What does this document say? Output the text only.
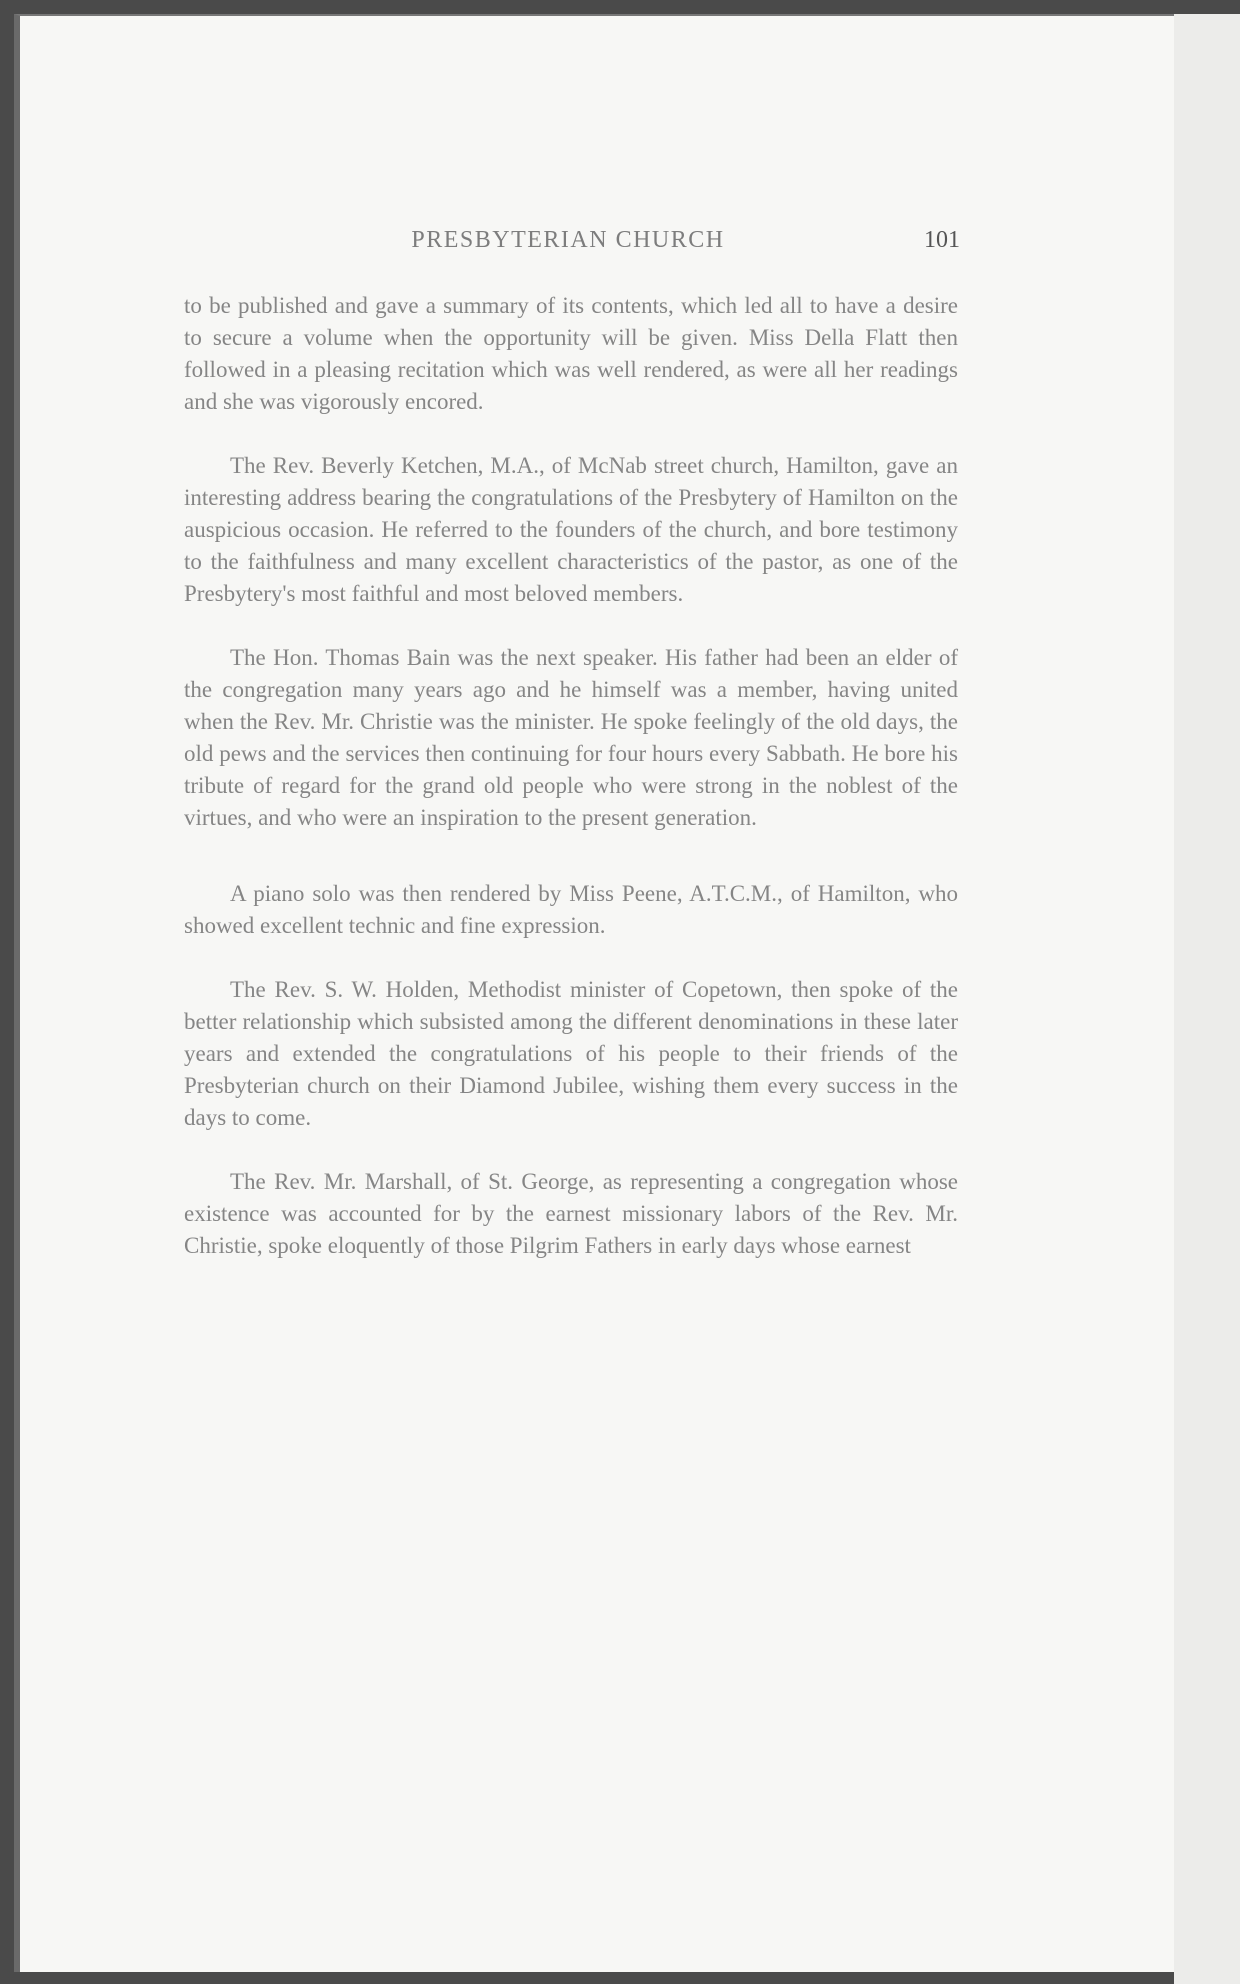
PRESBYTERIAN CHURCH	101

to be published and gave a summary of its contents, which led all to have a desire to secure a volume when the opportunity will be given. Miss Della Flatt then followed in a pleasing recitation which was well rendered, as were all her readings and she was vigorously encored.

The Rev. Beverly Ketchen, M.A., of McNab street church, Hamilton, gave an interesting address bearing the congratulations of the Presbytery of Hamilton on the auspicious occasion. He referred to the founders of the church, and bore testimony to the faithfulness and many excellent characteristics of the pastor, as one of the Presbytery's most faithful and most beloved members.

The Hon. Thomas Bain was the next speaker. His father had been an elder of the congregation many years ago and he himself was a member, having united when the Rev. Mr. Christie was the minister. He spoke feelingly of the old days, the old pews and the services then continuing for four hours every Sabbath. He bore his tribute of regard for the grand old people who were strong in the noblest of the virtues, and who were an inspiration to the present generation.

A piano solo was then rendered by Miss Peene, A.T.C.M., of Hamilton, who showed excellent technic and fine expression.

The Rev. S. W. Holden, Methodist minister of Copetown, then spoke of the better relationship which subsisted among the different denominations in these later years and extended the congratulations of his people to their friends of the Presbyterian church on their Diamond Jubilee, wishing them every success in the days to come.

The Rev. Mr. Marshall, of St. George, as representing a congregation whose existence was accounted for by the earnest missionary labors of the Rev. Mr. Christie, spoke eloquently of those Pilgrim Fathers in early days whose earnest
